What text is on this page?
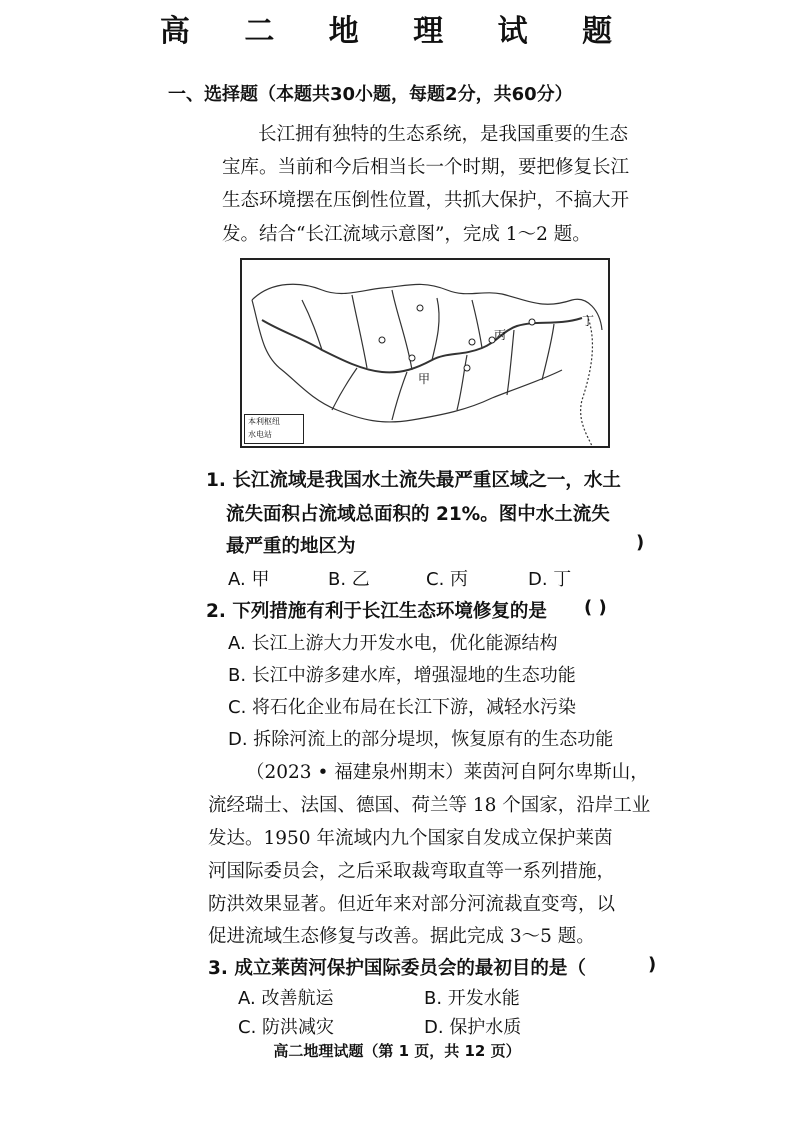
高 二 地 理 试 题
一、选择题（本题共30小题，每题2分，共60分）
长江拥有独特的生态系统，是我国重要的生态
宝库。当前和今后相当长一个时期，要把修复长江
生态环境摆在压倒性位置，共抓大保护，不搞大开
发。结合“长江流域示意图”，完成 1～2 题。
甲
丙
丁
本利枢纽
水电站
1. 长江流域是我国水土流失最严重区域之一，水土
流失面积占流域总面积的 21%。图中水土流失
最严重的地区为	)
A. 甲	B. 乙	C. 丙	D. 丁
2. 下列措施有利于长江生态环境修复的是 ( )
A. 长江上游大力开发水电，优化能源结构
B. 长江中游多建水库，增强湿地的生态功能
C. 将石化企业布局在长江下游，减轻水污染
D. 拆除河流上的部分堤坝，恢复原有的生态功能
（2023 • 福建泉州期末）莱茵河自阿尔卑斯山，
流经瑞士、法国、德国、荷兰等 18 个国家，沿岸工业
发达。1950 年流域内九个国家自发成立保护莱茵
河国际委员会，之后采取裁弯取直等一系列措施，
防洪效果显著。但近年来对部分河流裁直变弯，以
促进流域生态修复与改善。据此完成 3～5 题。
3. 成立莱茵河保护国际委员会的最初目的是（	)
A. 改善航运	B. 开发水能
C. 防洪减灾	D. 保护水质
高二地理试题（第 1 页，共 12 页）
